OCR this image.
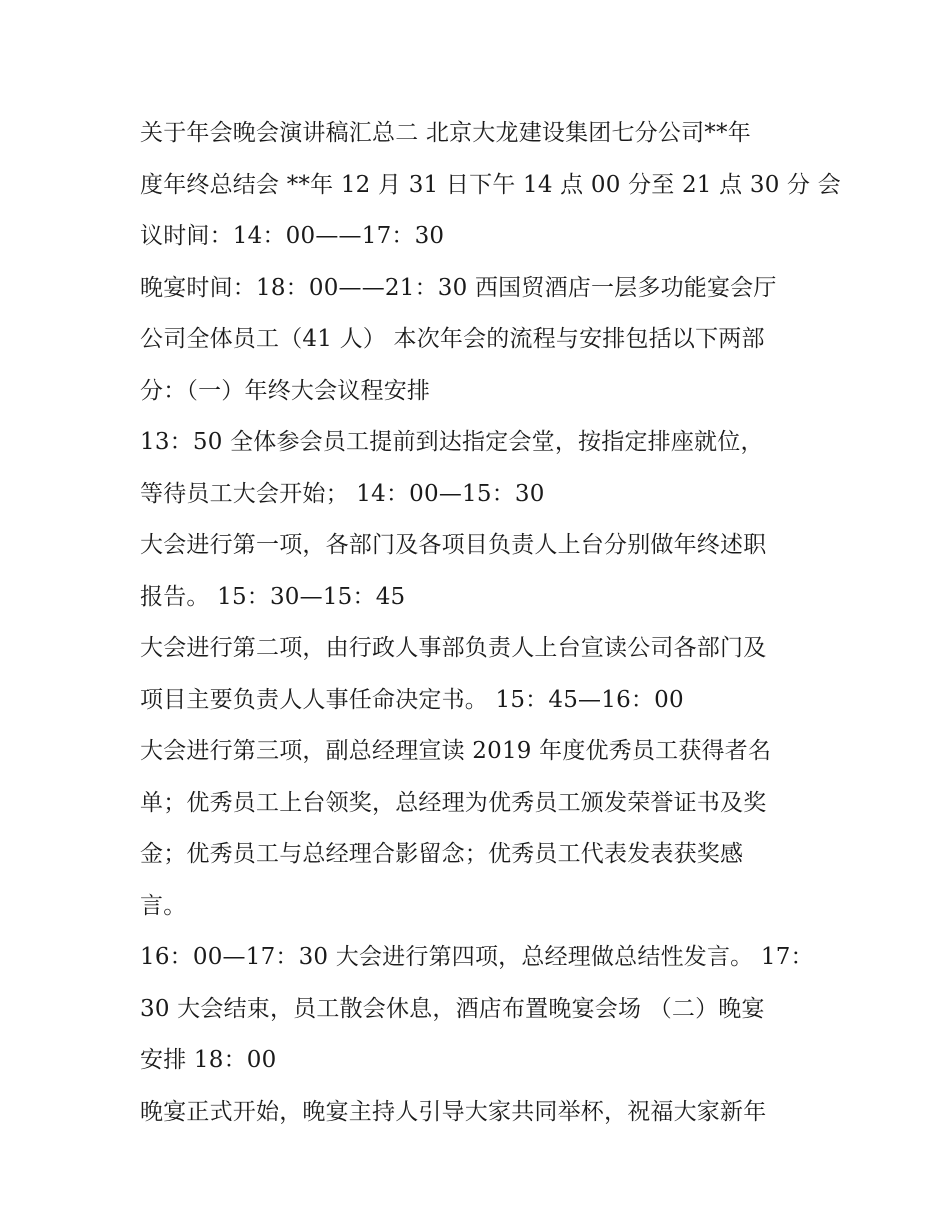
关于年会晚会演讲稿汇总二 北京大龙建设集团七分公司**年
度年终总结会 **年 12 月 31 日下午 14 点 00 分至 21 点 30 分 会
议时间：14：00——17：30
晚宴时间：18：00——21：30 西国贸酒店一层多功能宴会厅
公司全体员工（41 人） 本次年会的流程与安排包括以下两部
分：（一）年终大会议程安排
13：50 全体参会员工提前到达指定会堂，按指定排座就位，
等待员工大会开始； 14：00—15：30
大会进行第一项，各部门及各项目负责人上台分别做年终述职
报告。 15：30—15：45
大会进行第二项，由行政人事部负责人上台宣读公司各部门及
项目主要负责人人事任命决定书。 15：45—16：00
大会进行第三项，副总经理宣读 2019 年度优秀员工获得者名
单；优秀员工上台领奖，总经理为优秀员工颁发荣誉证书及奖
金；优秀员工与总经理合影留念；优秀员工代表发表获奖感
言。
16：00—17：30 大会进行第四项，总经理做总结性发言。 17：
30 大会结束，员工散会休息，酒店布置晚宴会场 （二）晚宴
安排 18：00
晚宴正式开始，晚宴主持人引导大家共同举杯，祝福大家新年
